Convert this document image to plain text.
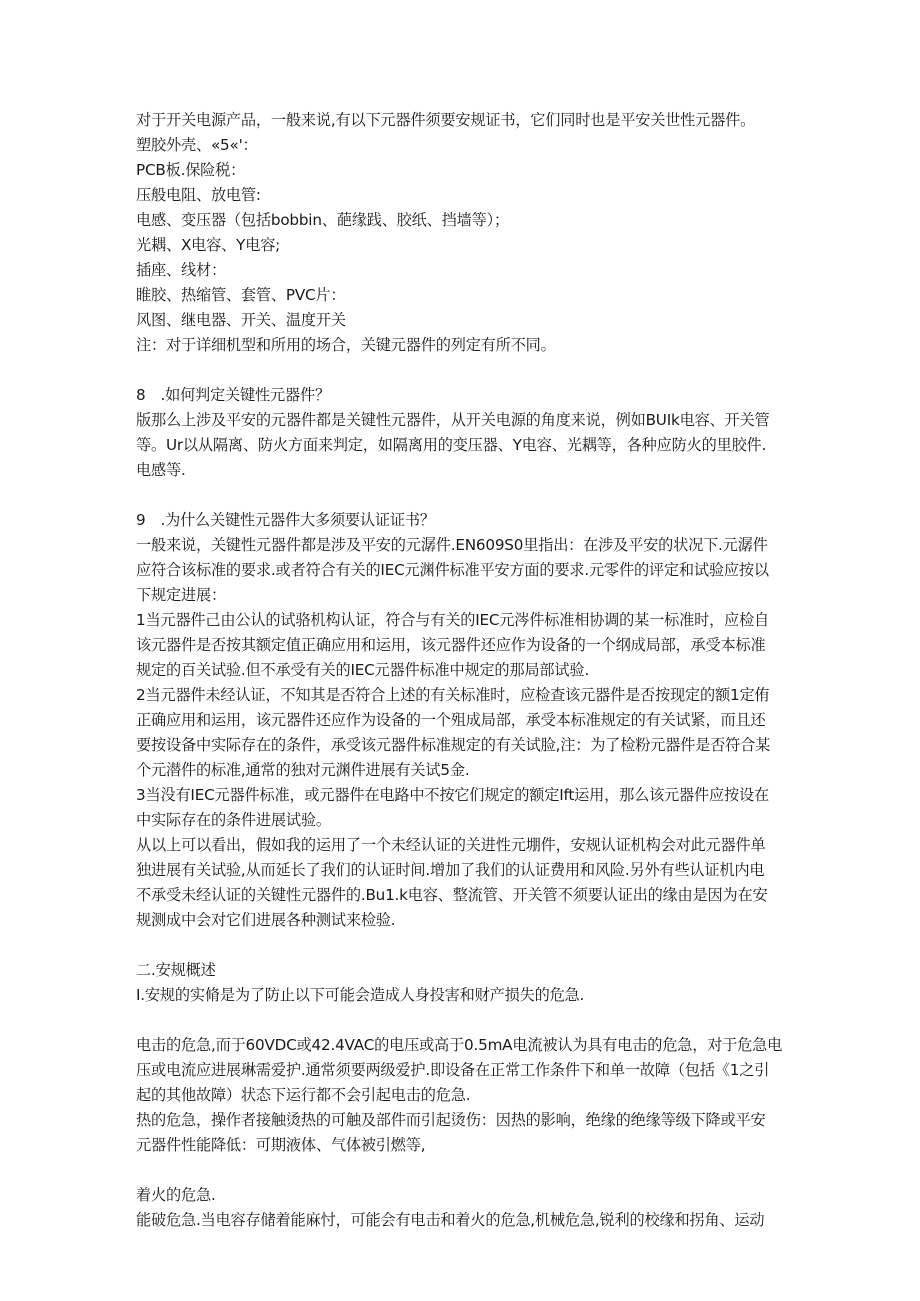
对于开关电源产品，一般来说,有以下元器件须要安规证书，它们同时也是平安关世性元器件。
塑胶外壳、«5«'：
PCB板.保险税：
压般电阻、放电管:
电感、变压器（包括bobbin、葩缘践、胶纸、挡墙等）；
光耦、X电容、Y电容;
插座、线材：
睢胶、热缩管、套管、PVC片：
风图、继电器、开关、温度开关
注：对于详细机型和所用的场合，关键元器件的列定有所不同。
8　.如何判定关键性元器件？
版那么上涉及平安的元器件都是关键性元器件，从开关电源的角度来说，例如BUIk电容、开关管
等。Ur以从隔离、防火方面来判定，如隔离用的变压器、Y电容、光耦等，各种应防火的里胶件.
电感等.
9　.为什么关键性元器件大多须要认证证书？
一般来说，关键性元器件都是涉及平安的元潺件.EN609S0里指出：在涉及平安的状况下.元潺件
应符合该标准的要求.或者符合有关的IEC元渊件标准平安方面的要求.元零件的评定和试验应按以
下规定进展：
1当元器件己由公认的试骆机构认证，符合与有关的IEC元涔件标准相协调的某一标准时，应检自
该元器件是否按其额定值正确应用和运用，该元器件还应作为设备的一个纲成局部，承受本标准
规定的百关试验.但不承受有关的IEC元器件标准中规定的那局部试验.
2当元器件未经认证，不知其是否符合上述的有关标准时，应检查该元器件是否按现定的额1定侑
正确应用和运用，该元器件还应作为设备的一个殂成局部，承受本标准规定的有关试紧，而且还
要按设备中实际存在的条件，承受该元器件标准规定的有关试脸,注：为了检粉元器件是否符合某
个元潜件的标准,通常的独对元渊件进展有关试5金.
3当没有IEC元器件标准，或元器件在电路中不按它们规定的额定Ift运用，那么该元器件应按设在
中实际存在的条件进展试验。
从以上可以看出，假如我的运用了一个未经认证的关进性元堋件，安规认证机构会对此元器件单
独进展有关试验,从而延长了我们的认证时间.增加了我们的认证费用和风险.另外有些认证机内电
不承受未经认证的关键性元器件的.Bu1.k电容、整流管、开关管不须要认证出的缘由是因为在安
规测成中会对它们进展各种测试来检验.
二.安规概述
I.安规的实脩是为了防止以下可能会造成人身投害和财产损失的危急.
电击的危急,而于60VDC或42.4VAC的电压或高于0.5mA电流被认为具有电击的危急，对于危急电
压或电流应进展琳需爱护.通常须要两级爱护.即设备在正常工作条件下和单一故障（包括《1之引
起的其他故障）状态下运行都不会引起电击的危急.
热的危急，操作者接触烫热的可触及部件而引起烫伤：因热的影响，绝缘的绝缘等级下降或平安
元器件性能降低：可期液体、气体被引燃等,
着火的危急.
能破危急.当电容存储着能麻忖，可能会有电击和着火的危急,机械危急,锐利的校缘和拐角、运动
